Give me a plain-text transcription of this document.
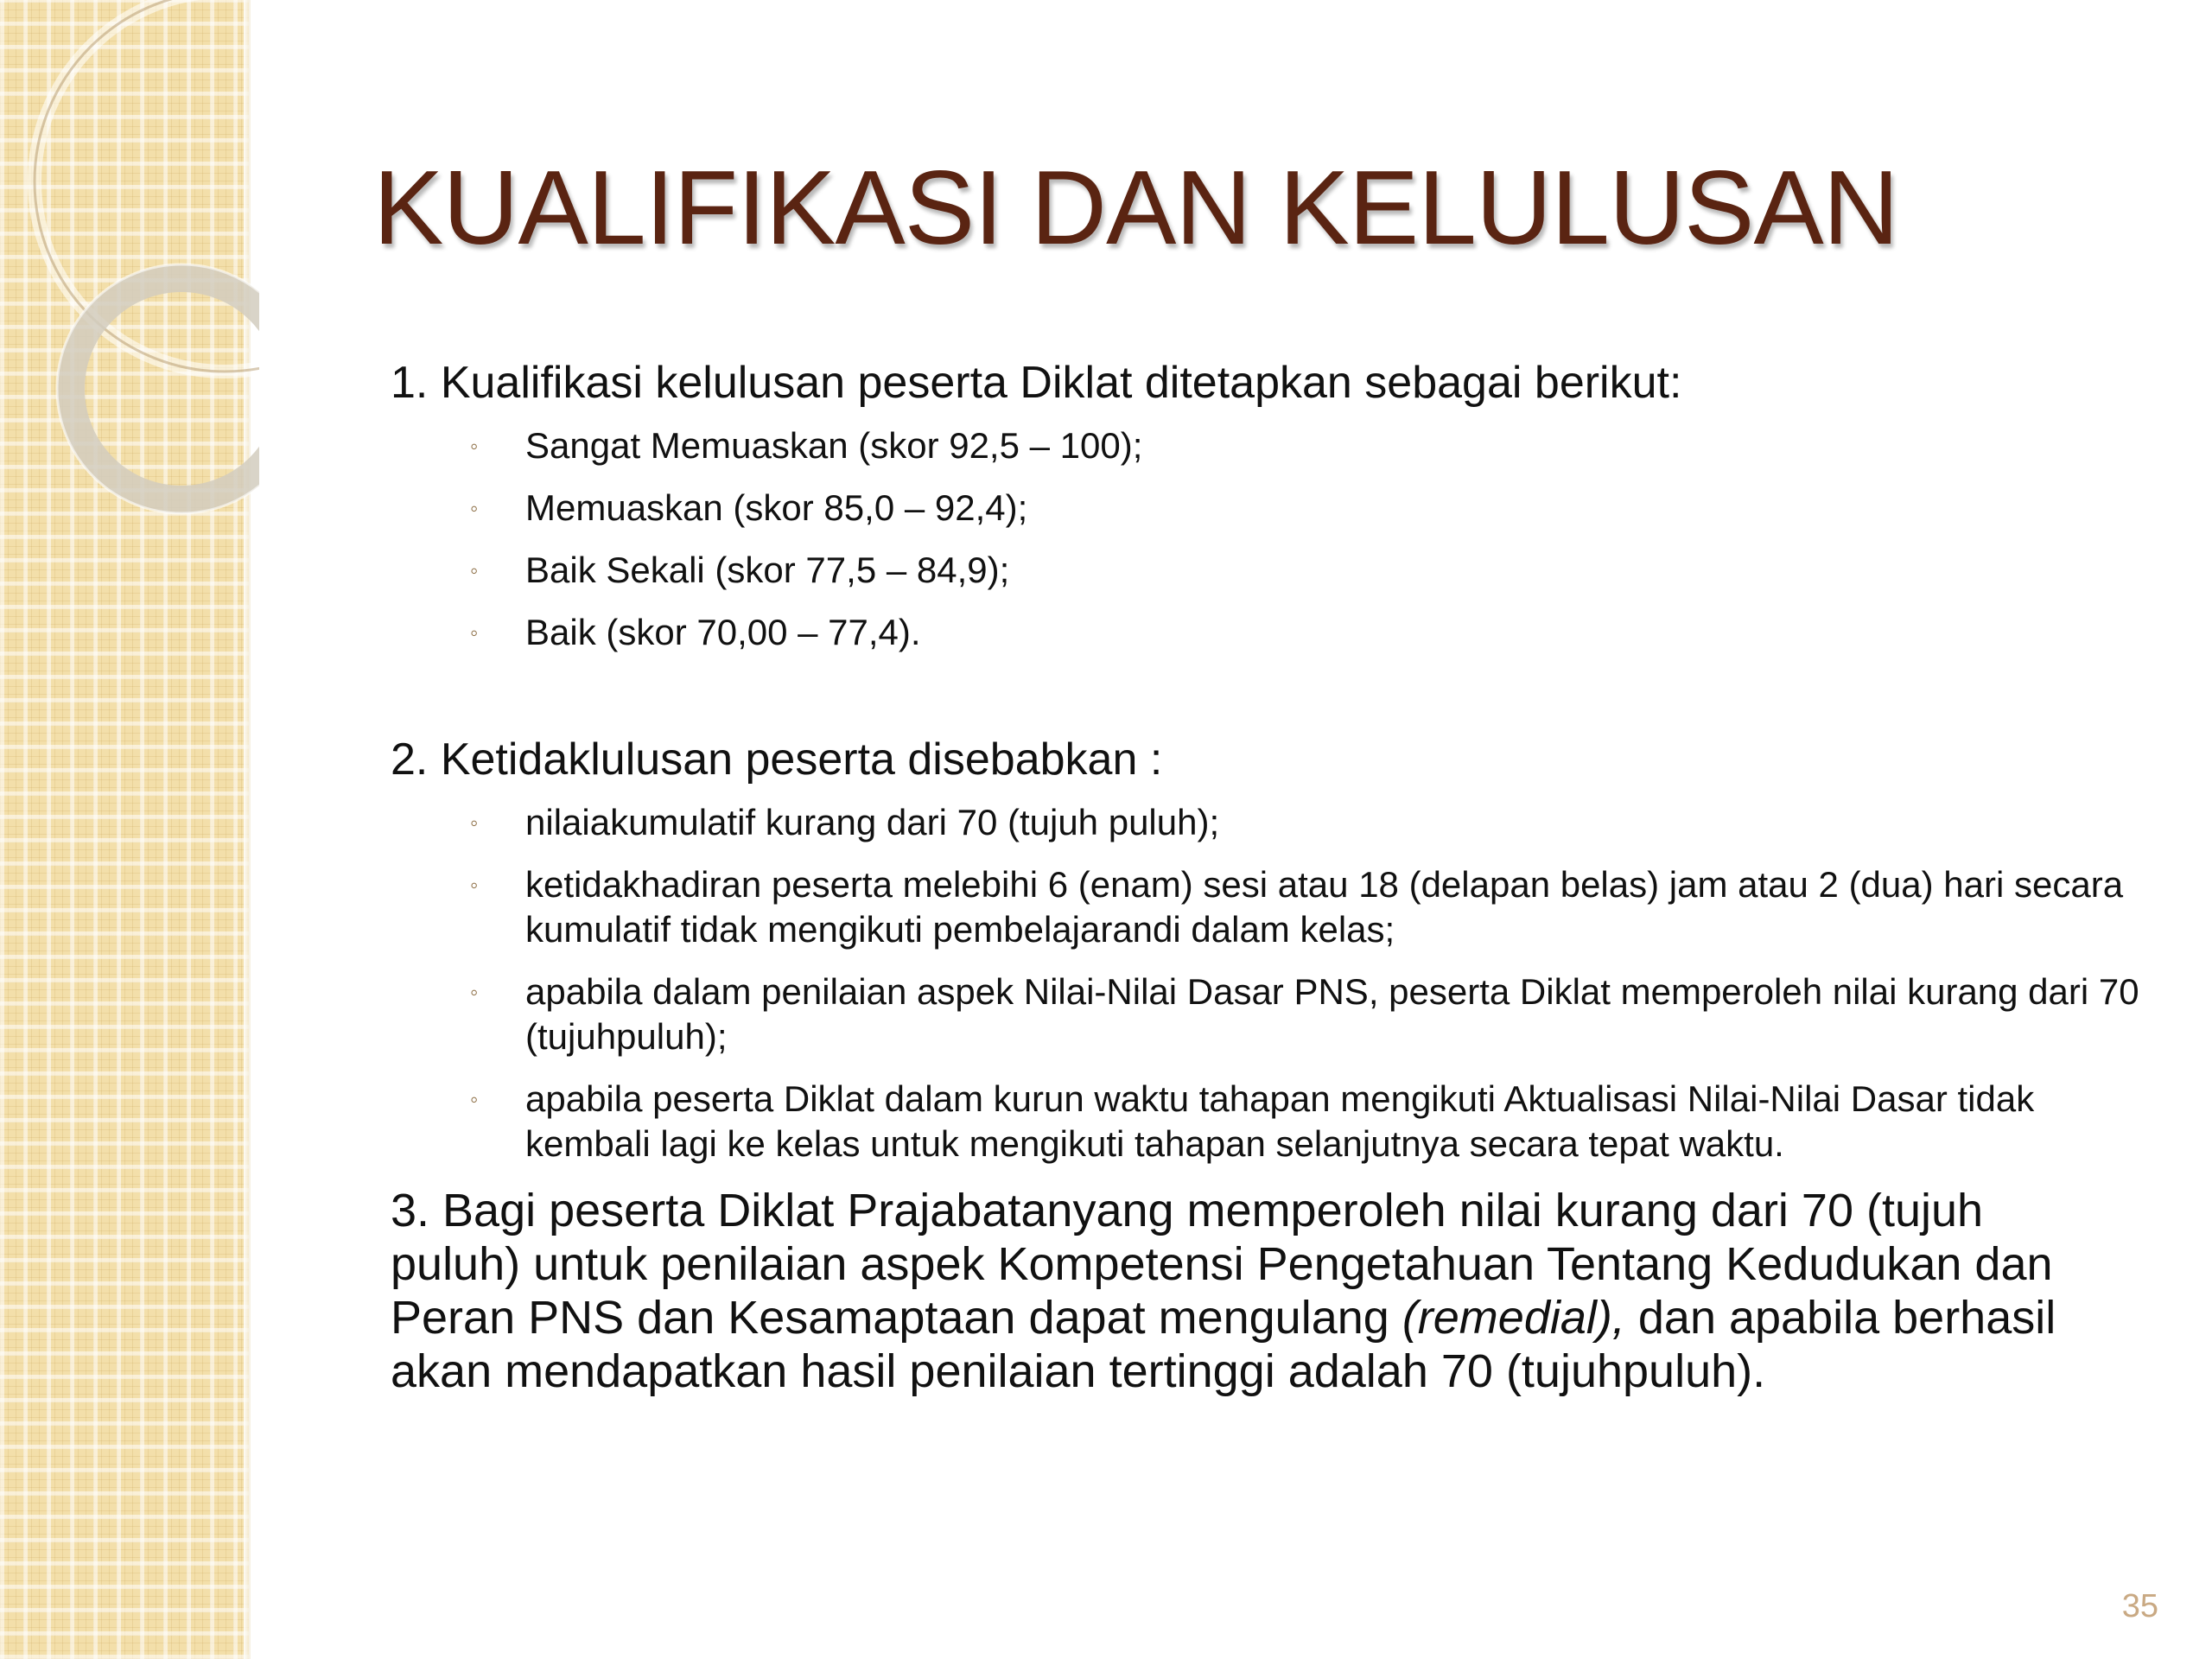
KUALIFIKASI DAN KELULUSAN
1. Kualifikasi kelulusan peserta Diklat ditetapkan sebagai berikut:
◦ Sangat Memuaskan (skor 92,5 – 100);
◦ Memuaskan (skor 85,0 – 92,4);
◦ Baik Sekali (skor 77,5 – 84,9);
◦ Baik (skor 70,00 – 77,4).
2. Ketidaklulusan peserta disebabkan :
◦ nilaiakumulatif kurang dari 70 (tujuh puluh);
◦ ketidakhadiran peserta melebihi 6 (enam) sesi atau 18 (delapan belas) jam atau 2 (dua) hari secara kumulatif tidak mengikuti pembelajarandi dalam kelas;
◦ apabila dalam penilaian aspek Nilai-Nilai Dasar PNS, peserta Diklat memperoleh nilai kurang dari 70 (tujuhpuluh);
◦ apabila peserta Diklat dalam kurun waktu tahapan mengikuti Aktualisasi Nilai-Nilai Dasar tidak kembali lagi ke kelas untuk mengikuti tahapan selanjutnya secara tepat waktu.

3. Bagi peserta Diklat Prajabatanyang memperoleh nilai kurang dari 70 (tujuh puluh) untuk penilaian aspek Kompetensi Pengetahuan Tentang Kedudukan dan Peran PNS dan Kesamaptaan dapat mengulang (remedial), dan apabila berhasil akan mendapatkan hasil penilaian tertinggi adalah 70 (tujuhpuluh).

35
